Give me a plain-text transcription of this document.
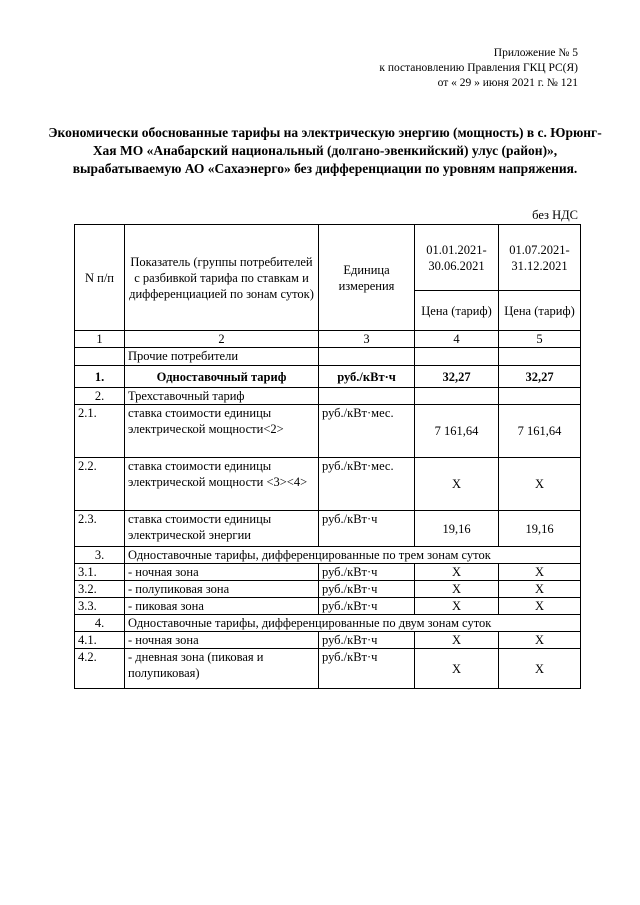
Приложение № 5
к постановлению Правления ГКЦ РС(Я)
от « 29 » июня 2021 г. № 121
Экономически обоснованные тарифы на электрическую энергию (мощность) в с. Юрюнг-Хая МО «Анабарский национальный (долгано-эвенкийский) улус (район)», вырабатываемую АО «Сахаэнерго» без дифференциации по уровням напряжения.
без НДС
N п/п	Показатель (группы потребителей с разбивкой тарифа по ставкам и дифференциацией по зонам суток)	Единица измерения	01.01.2021-30.06.2021	01.07.2021-31.12.2021
			Цена (тариф)	Цена (тариф)
1	2	3	4	5
	Прочие потребители			
1.	Одноставочный тариф	руб./кВт·ч	32,27	32,27
2.	Трехставочный тариф			
2.1.	ставка стоимости единицы электрической мощности<2>	руб./кВт·мес.	7 161,64	7 161,64
2.2.	ставка стоимости единицы электрической мощности <3><4>	руб./кВт·мес.	X	X
2.3.	ставка стоимости единицы электрической энергии	руб./кВт·ч	19,16	19,16
3.	Одноставочные тарифы, дифференцированные по трем зонам суток			
3.1.	- ночная зона	руб./кВт·ч	X	X
3.2.	- полупиковая зона	руб./кВт·ч	X	X
3.3.	- пиковая зона	руб./кВт·ч	X	X
4.	Одноставочные тарифы, дифференцированные по двум зонам суток			
4.1.	- ночная зона	руб./кВт·ч	X	X
4.2.	- дневная зона (пиковая и полупиковая)	руб./кВт·ч	X	X
